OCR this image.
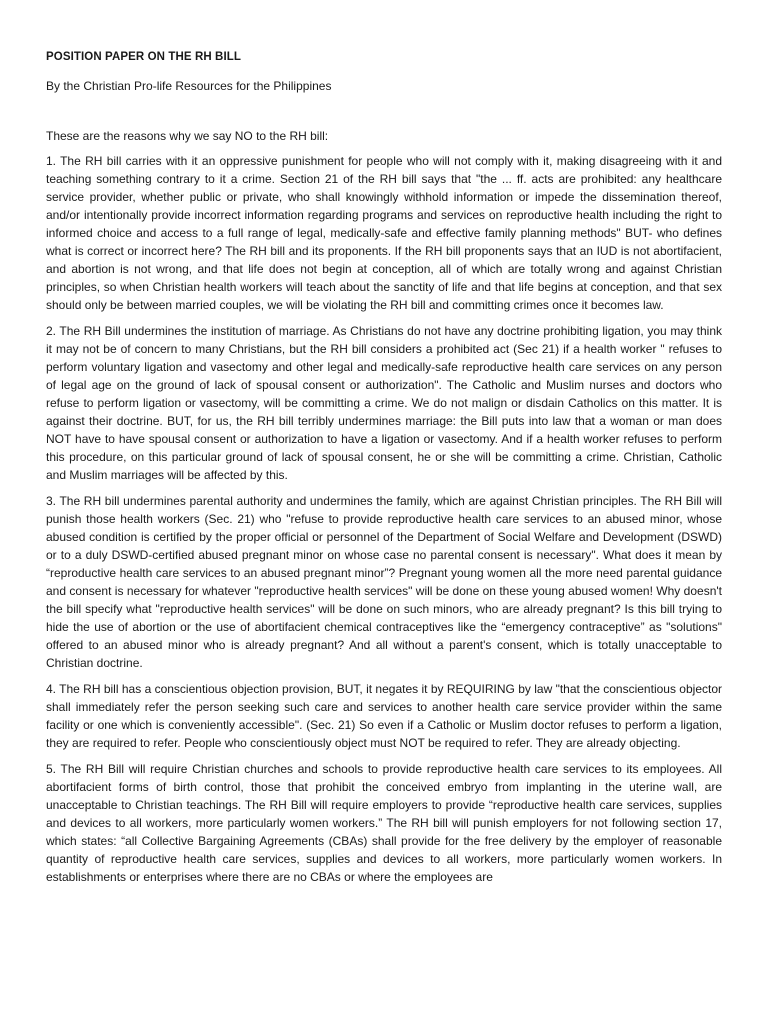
POSITION PAPER ON THE RH BILL
By the Christian Pro-life Resources for the Philippines
These are the reasons why we say NO to the RH bill:
1. The RH bill carries with it an oppressive punishment for people who will not comply with it, making disagreeing with it and teaching something contrary to it a crime. Section 21 of the RH bill says that "the ... ff. acts are prohibited: any healthcare service provider, whether public or private, who shall knowingly withhold information or impede the dissemination thereof, and/or intentionally provide incorrect information regarding programs and services on reproductive health including the right to informed choice and access to a full range of legal, medically-safe and effective family planning methods" BUT- who defines what is correct or incorrect here? The RH bill and its proponents. If the RH bill proponents says that an IUD is not abortifacient, and abortion is not wrong, and that life does not begin at conception, all of which are totally wrong and against Christian principles, so when Christian health workers will teach about the sanctity of life and that life begins at conception, and that sex should only be between married couples, we will be violating the RH bill and committing crimes once it becomes law.
2. The RH Bill undermines the institution of marriage. As Christians do not have any doctrine prohibiting ligation, you may think it may not be of concern to many Christians, but the RH bill considers a prohibited act (Sec 21) if a health worker " refuses to perform voluntary ligation and vasectomy and other legal and medically-safe reproductive health care services on any person of legal age on the ground of lack of spousal consent or authorization". The Catholic and Muslim nurses and doctors who refuse to perform ligation or vasectomy, will be committing a crime. We do not malign or disdain Catholics on this matter. It is against their doctrine. BUT, for us, the RH bill terribly undermines marriage: the Bill puts into law that a woman or man does NOT have to have spousal consent or authorization to have a ligation or vasectomy. And if a health worker refuses to perform this procedure, on this particular ground of lack of spousal consent, he or she will be committing a crime. Christian, Catholic and Muslim marriages will be affected by this.
3. The RH bill undermines parental authority and undermines the family, which are against Christian principles. The RH Bill will punish those health workers (Sec. 21) who "refuse to provide reproductive health care services to an abused minor, whose abused condition is certified by the proper official or personnel of the Department of Social Welfare and Development (DSWD) or to a duly DSWD-certified abused pregnant minor on whose case no parental consent is necessary". What does it mean by “reproductive health care services to an abused pregnant minor”? Pregnant young women all the more need parental guidance and consent is necessary for whatever "reproductive health services" will be done on these young abused women! Why doesn't the bill specify what "reproductive health services" will be done on such minors, who are already pregnant? Is this bill trying to hide the use of abortion or the use of abortifacient chemical contraceptives like the “emergency contraceptive” as "solutions" offered to an abused minor who is already pregnant? And all without a parent's consent, which is totally unacceptable to Christian doctrine.
4. The RH bill has a conscientious objection provision, BUT, it negates it by REQUIRING by law "that the conscientious objector shall immediately refer the person seeking such care and services to another health care service provider within the same facility or one which is conveniently accessible". (Sec. 21) So even if a Catholic or Muslim doctor refuses to perform a ligation, they are required to refer. People who conscientiously object must NOT be required to refer. They are already objecting.
5. The RH Bill will require Christian churches and schools to provide reproductive health care services to its employees. All abortifacient forms of birth control, those that prohibit the conceived embryo from implanting in the uterine wall, are unacceptable to Christian teachings. The RH Bill will require employers to provide “reproductive health care services, supplies and devices to all workers, more particularly women workers.” The RH bill will punish employers for not following section 17, which states: “all Collective Bargaining Agreements (CBAs) shall provide for the free delivery by the employer of reasonable quantity of reproductive health care services, supplies and devices to all workers, more particularly women workers. In establishments or enterprises where there are no CBAs or where the employees are
